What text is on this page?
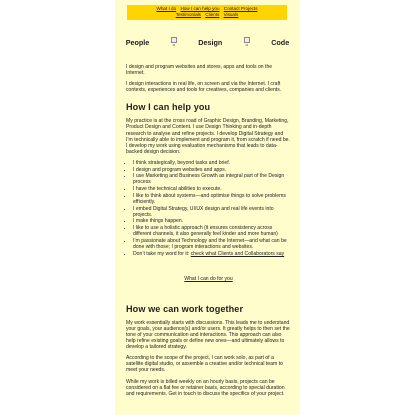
What I do How I can help you Contact Projects
Testimonials Clients Visuals
People	••	Design	••	Code

I design and program websites and stores, apps and tools on the Internet.

I design interactions in real life, on screen and via the Internet. I craft contexts, experiences and tools for creatives, companies and clients.

How I can help you

My practice is at the cross road of Graphic Design, Branding, Marketing, Product Design and Content. I use Design Thinking and in-depth research to analyse and refine projects. I develop Digital Strategy and I’m technically able to implement and program it, from scratch if need be. I develop my work using evaluation mechanisms that leads to data-backed design decision.

• I think strategically, beyond tasks and brief.
• I design and program websites and apps.
• I use Marketing and Business Growth as integral part of the Design process
• I have the technical abilities to execute.
• I like to think about systems—and optimise things to solve problems efficiently.
• I embed Digital Strategy, UI/UX design and real life events into projects.
• I make things happen.
• I like to use a holistic approach (it ensures consistency across different channels, it also generally feel kinder and more human)
• I’m passionate about Technology and the Internet—and what can be done with those; I program interactions and websites.
• Don’t take my word for it: check what Clients and Collaborators say
What I can do for you
How we can work together

My work essentially starts with discussions. This leads me to understand your goals, your audience(s) and/or users. It greatly helps to then set the tone of your communication and interactions. This approach can also help refine existing goals or define new ones—and ultimately allows to develop a tailored strategy.

According to the scope of the project, I can work solo, as part of a satellite digital studio, or assemble a creative and/or technical team to meet your needs.

While my work is billed weekly on an hourly basis, projects can be considered on a flat fee or retainer basis, according to special duration and requirements. Get in touch to discuss the specifics of your project.
